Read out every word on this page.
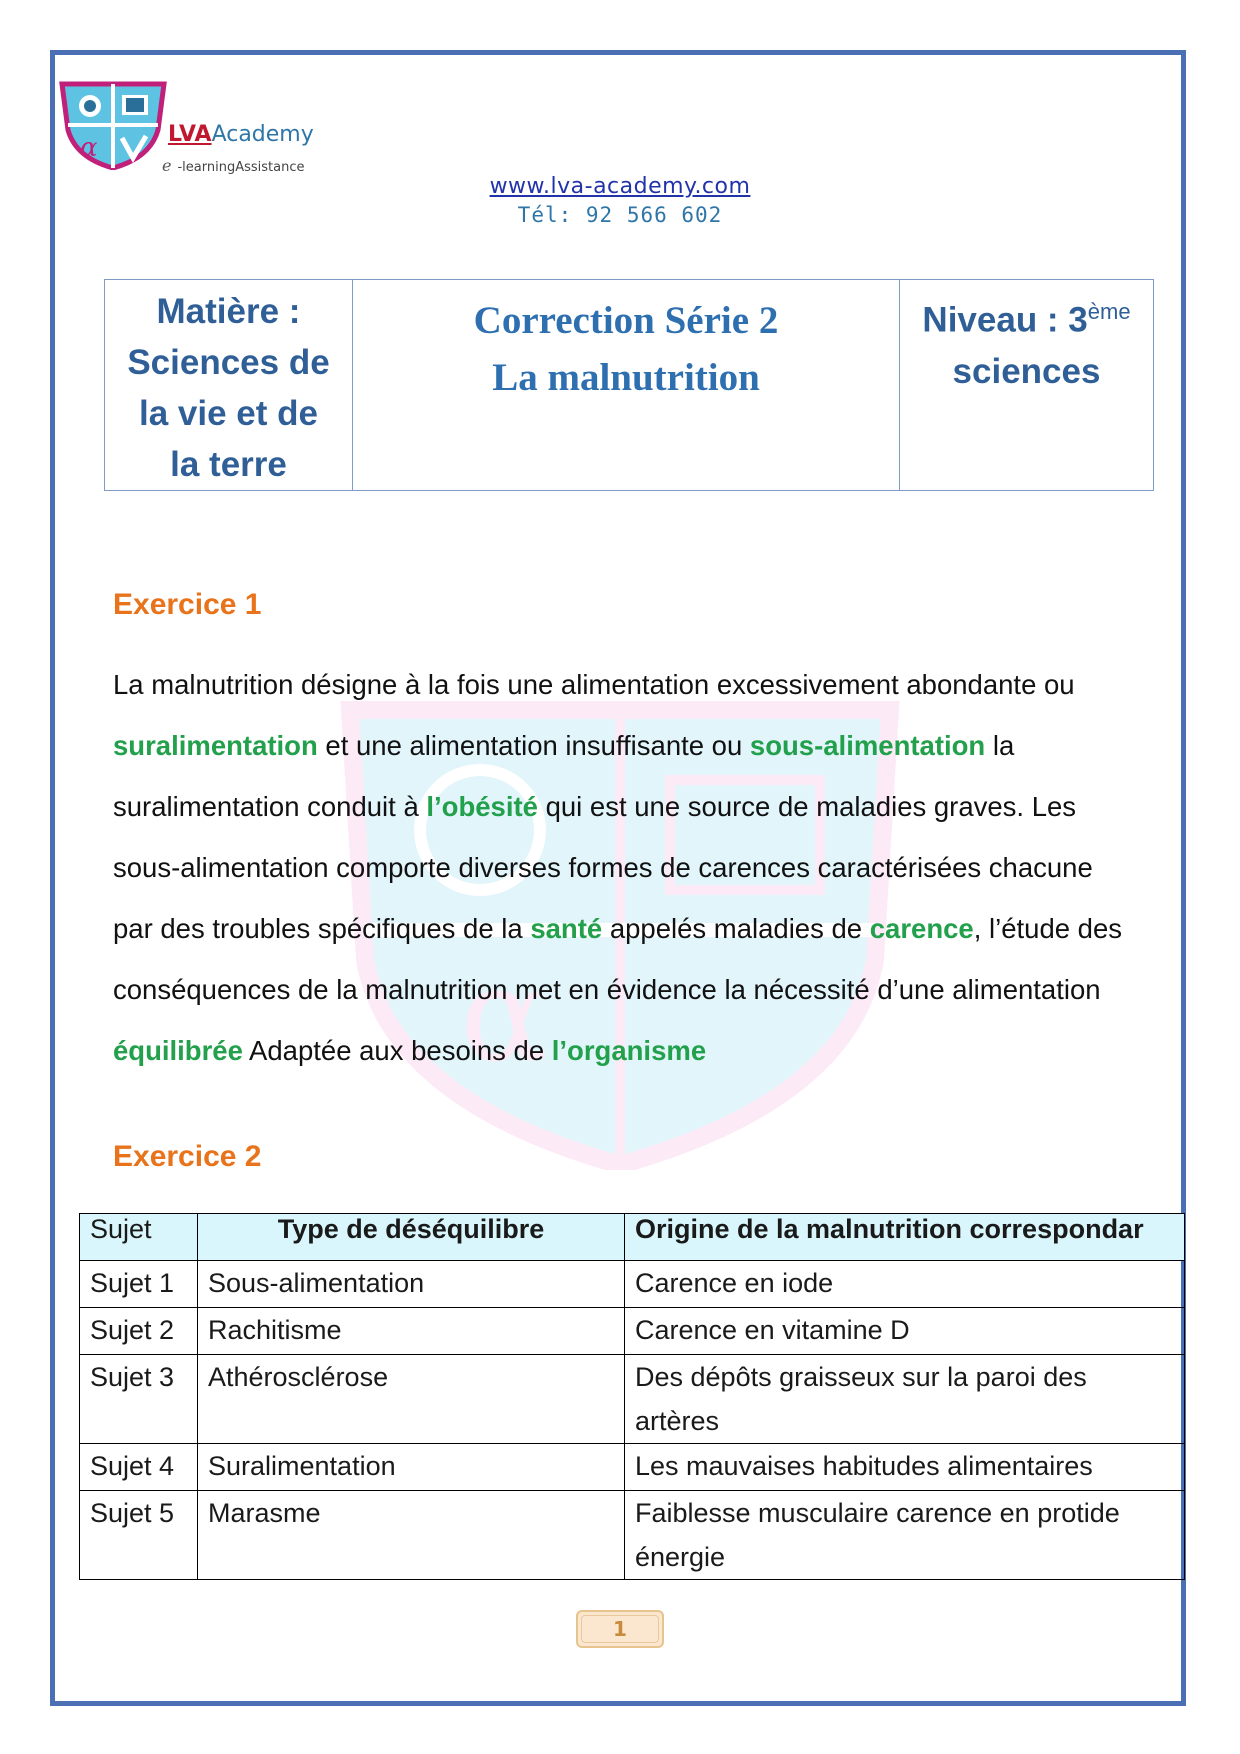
α
α	LVAAcademy
e -learningAssistance
www.lva-academy.com
Tél: 92 566 602
Matière :
Sciences de
la vie et de
la terre

Correction Série 2
La malnutrition

Niveau : 3ème
sciences
Exercice 1
La malnutrition désigne à la fois une alimentation excessivement abondante ou suralimentation et une alimentation insuffisante ou sous-alimentation la suralimentation conduit à l’obésité qui est une source de maladies graves. Les sous-alimentation comporte diverses formes de carences caractérisées chacune par des troubles spécifiques de la santé appelés maladies de carence, l’étude des conséquences de la malnutrition met en évidence la nécessité d’une alimentation équilibrée Adaptée aux besoins de l’organisme
Exercice 2
Sujet	Type de déséquilibre	Origine de la malnutrition correspondar
Sujet 1	Sous-alimentation	Carence en iode
Sujet 2	Rachitisme	Carence en vitamine D
Sujet 3	Athérosclérose	Des dépôts graisseux sur la paroi des artères
Sujet 4	Suralimentation	Les mauvaises habitudes alimentaires
Sujet 5	Marasme	Faiblesse musculaire carence en protide énergie
1
